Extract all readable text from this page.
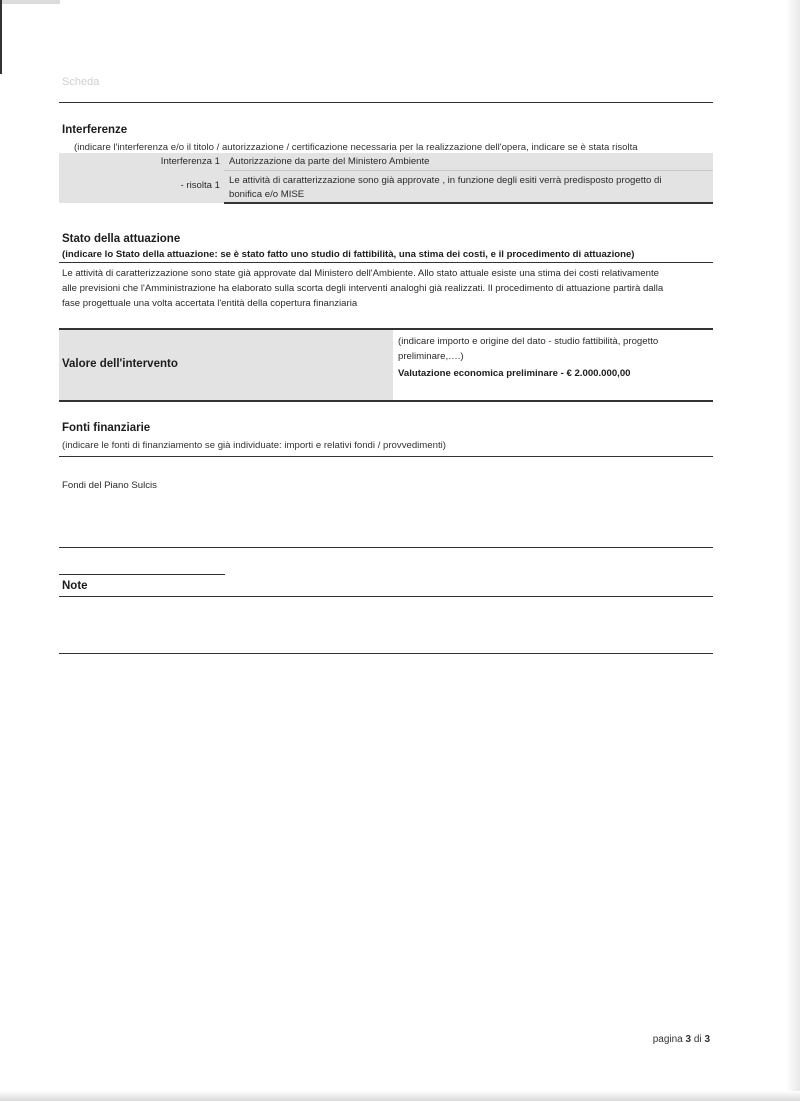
Scheda
Interferenze
(indicare l'interferenza e/o il titolo / autorizzazione / certificazione necessaria per la realizzazione dell'opera, indicare se è stata risolta
Interferenza 1 Autorizzazione da parte del Ministero Ambiente
- risolta 1 Le attività di caratterizzazione sono già approvate , in funzione degli esiti verrà predisposto progetto di
bonifica e/o MISE
Stato della attuazione
(indicare lo Stato della attuazione: se è stato fatto uno studio di fattibilità, una stima dei costi, e il procedimento di attuazione)
Le attività di caratterizzazione sono state già approvate dal Ministero dell'Ambiente. Allo stato attuale esiste una stima dei costi relativamente
alle previsioni che l'Amministrazione ha elaborato sulla scorta degli interventi analoghi già realizzati. Il procedimento di attuazione partirà dalla
fase progettuale una volta accertata l'entità della copertura finanziaria
Valore dell'intervento
(indicare importo e origine del dato - studio fattibilità, progetto
preliminare,….)
Valutazione economica preliminare - € 2.000.000,00
Fonti finanziarie
(indicare le fonti di finanziamento se già individuate: importi e relativi fondi / provvedimenti)
Fondi del Piano Sulcis
Note
pagina 3 di 3
